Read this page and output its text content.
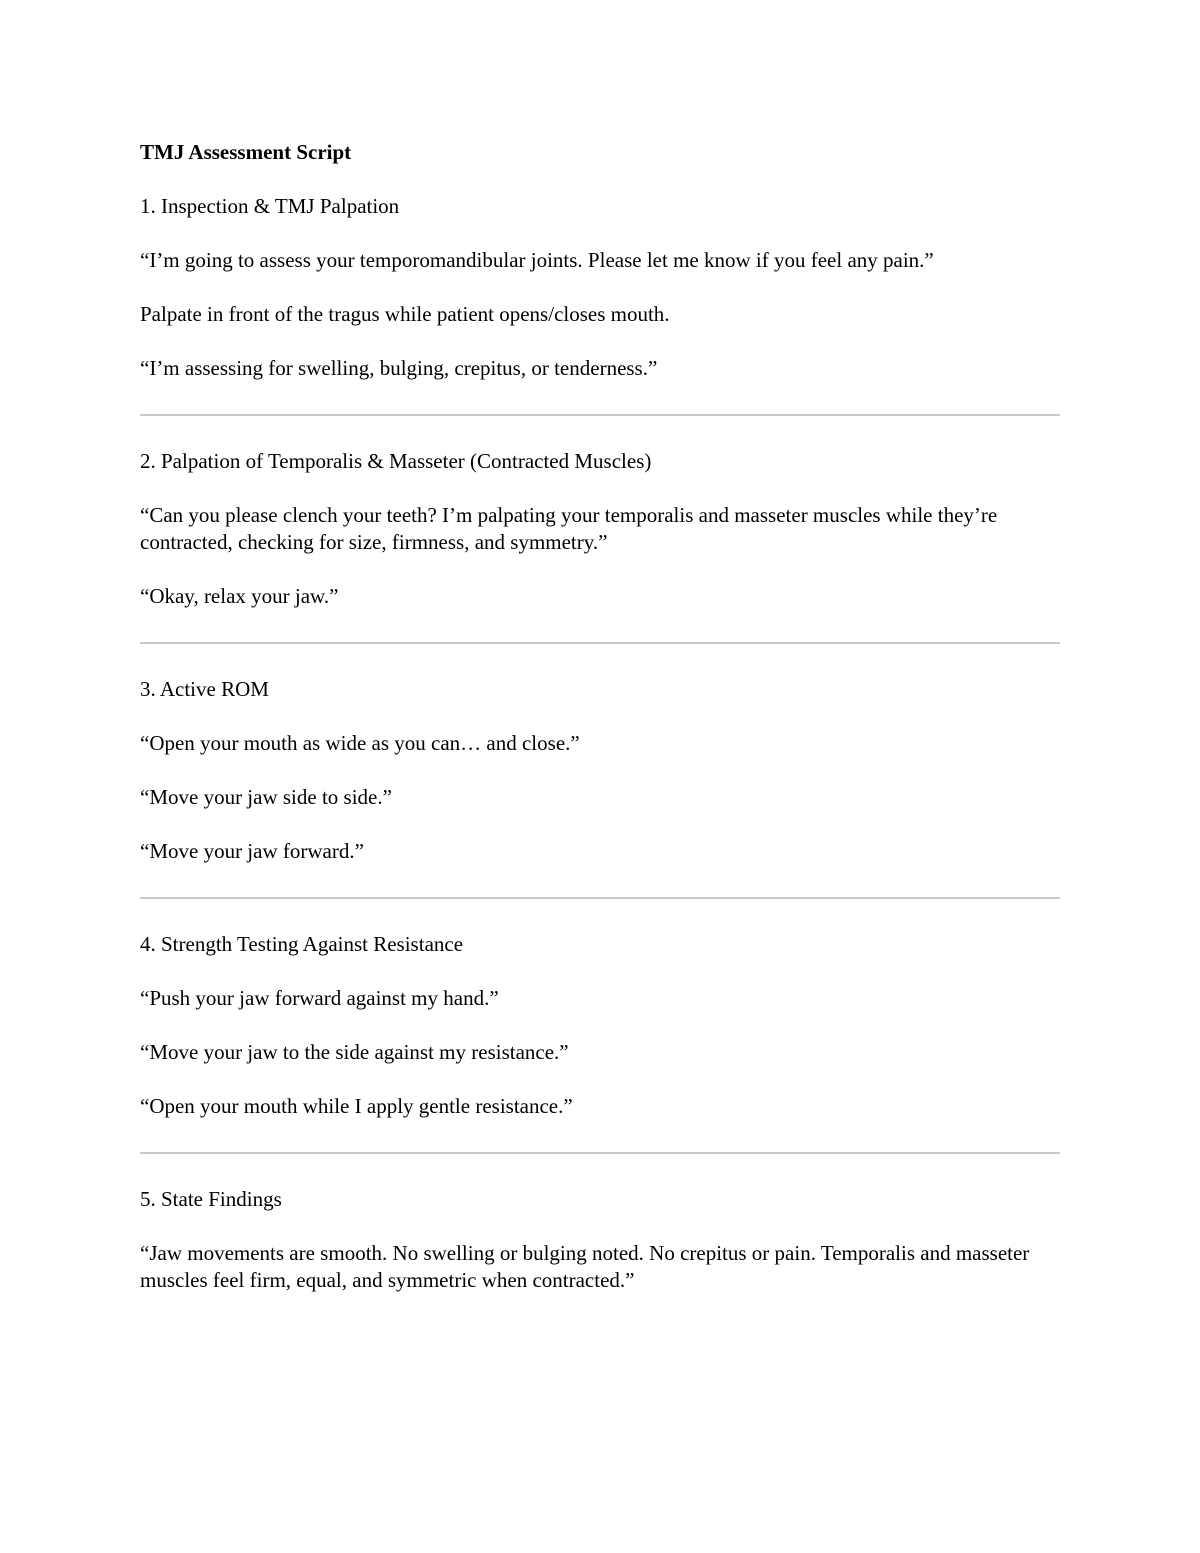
TMJ Assessment Script

1. Inspection & TMJ Palpation

“I’m going to assess your temporomandibular joints. Please let me know if you feel any pain.”

Palpate in front of the tragus while patient opens/closes mouth.

“I’m assessing for swelling, bulging, crepitus, or tenderness.”

2. Palpation of Temporalis & Masseter (Contracted Muscles)

“Can you please clench your teeth? I’m palpating your temporalis and masseter muscles while they’re contracted, checking for size, firmness, and symmetry.”

“Okay, relax your jaw.”

3. Active ROM

“Open your mouth as wide as you can… and close.”

“Move your jaw side to side.”

“Move your jaw forward.”

4. Strength Testing Against Resistance

“Push your jaw forward against my hand.”

“Move your jaw to the side against my resistance.”

“Open your mouth while I apply gentle resistance.”

5. State Findings

“Jaw movements are smooth. No swelling or bulging noted. No crepitus or pain. Temporalis and masseter muscles feel firm, equal, and symmetric when contracted.”
